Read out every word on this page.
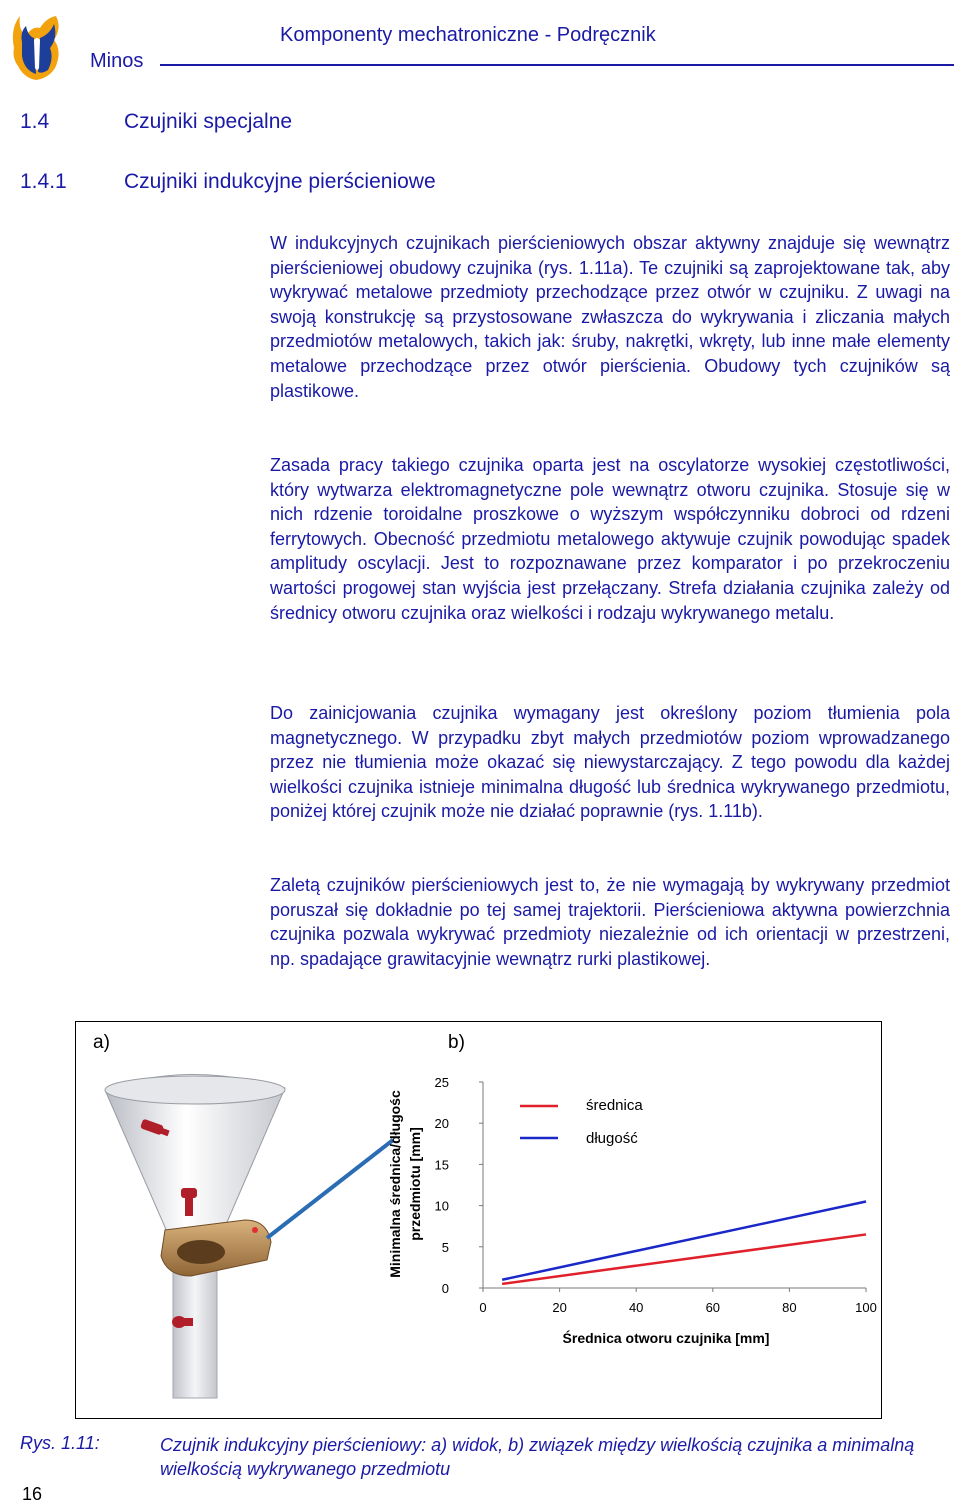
Minos
Komponenty mechatroniczne - Podręcznik
1.4	Czujniki specjalne
1.4.1	Czujniki indukcyjne pierścieniowe

W indukcyjnych czujnikach pierścieniowych obszar aktywny znajduje się wewnątrz pierścieniowej obudowy czujnika (rys. 1.11a). Te czujniki są zaprojektowane tak, aby wykrywać metalowe przedmioty przechodzące przez otwór w czujniku. Z uwagi na swoją konstrukcję są przystosowane zwłaszcza do wykrywania i zliczania małych przedmiotów metalowych, takich jak: śruby, nakrętki, wkręty, lub inne małe elementy metalowe przechodzące przez otwór pierścienia. Obudowy tych czujników są plastikowe.

Zasada pracy takiego czujnika oparta jest na oscylatorze wysokiej częstotliwości, który wytwarza elektromagnetyczne pole wewnątrz otworu czujnika. Stosuje się w nich rdzenie toroidalne proszkowe o wyższym współczynniku dobroci od rdzeni ferrytowych. Obecność przedmiotu metalowego aktywuje czujnik powodując spadek amplitudy oscylacji. Jest to rozpoznawane przez komparator i po przekroczeniu wartości progowej stan wyjścia jest przełączany. Strefa działania czujnika zależy od średnicy otworu czujnika oraz wielkości i rodzaju wykrywanego metalu.

Do zainicjowania czujnika wymagany jest określony poziom tłumienia pola magnetycznego. W przypadku zbyt małych przedmiotów poziom wprowadzanego przez nie tłumienia może okazać się niewystarczający. Z tego powodu dla każdej wielkości czujnika istnieje minimalna długość lub średnica wykrywanego przedmiotu, poniżej której czujnik może nie działać poprawnie (rys. 1.11b).

Zaletą czujników pierścieniowych jest to, że nie wymagają by wykrywany przedmiot poruszał się dokładnie po tej samej trajektorii. Pierścieniowa aktywna powierzchnia czujnika pozwala wykrywać przedmioty niezależnie od ich orientacji w przestrzeni, np. spadające grawitacyjnie wewnątrz rurki plastikowej.

a)	b)
0
5
10
15
20
25
0	20	40	60	80	100
Średnica otworu czujnika [mm]
Minimalna średnica/długośc przedmiotu [mm]
średnica
długość
Rys. 1.11:	Czujnik indukcyjny pierścieniowy: a) widok, b) związek między wielkością czujnika a minimalną wielkością wykrywanego przedmiotu
16
